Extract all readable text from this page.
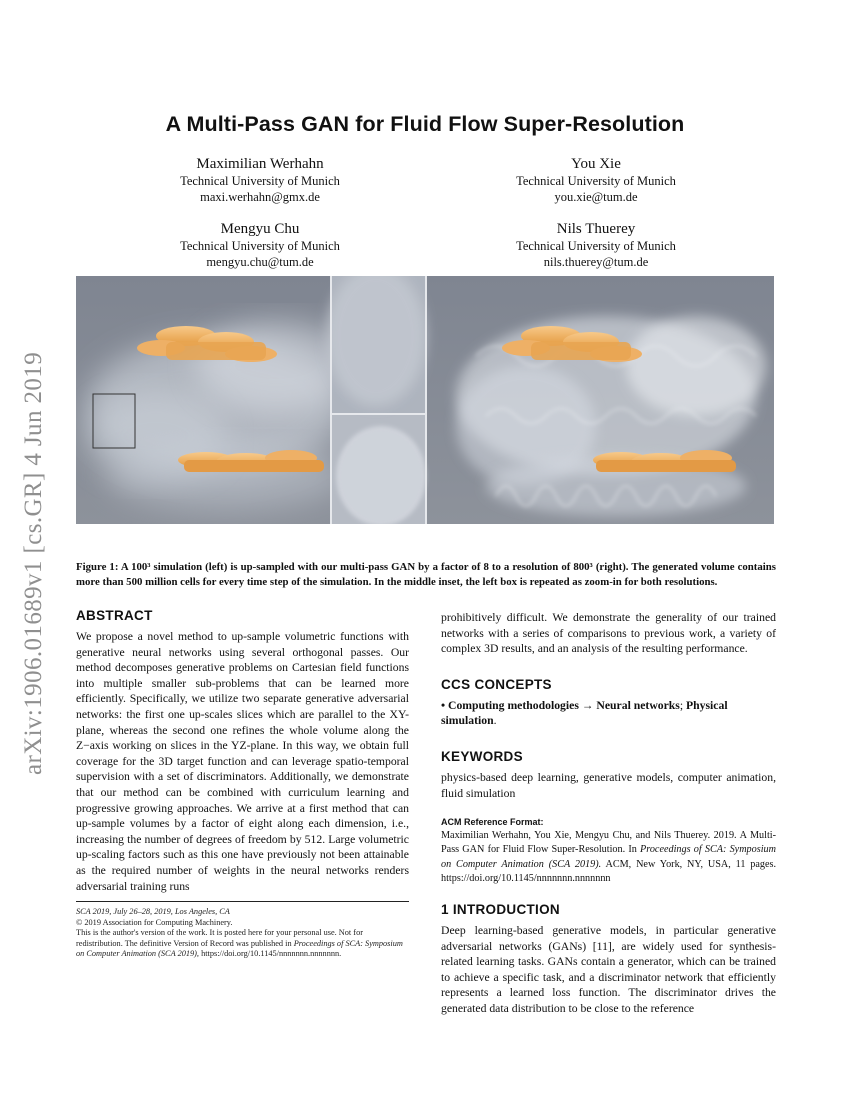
arXiv:1906.01689v1 [cs.GR] 4 Jun 2019
A Multi-Pass GAN for Fluid Flow Super-Resolution
Maximilian Werhahn
Technical University of Munich
maxi.werhahn@gmx.de
You Xie
Technical University of Munich
you.xie@tum.de
Mengyu Chu
Technical University of Munich
mengyu.chu@tum.de
Nils Thuerey
Technical University of Munich
nils.thuerey@tum.de
Figure 1: A 100³ simulation (left) is up-sampled with our multi-pass GAN by a factor of 8 to a resolution of 800³ (right). The generated volume contains more than 500 million cells for every time step of the simulation. In the middle inset, the left box is repeated as zoom-in for both resolutions.
ABSTRACT

We propose a novel method to up-sample volumetric functions with generative neural networks using several orthogonal passes. Our method decomposes generative problems on Cartesian field functions into multiple smaller sub-problems that can be learned more efficiently. Specifically, we utilize two separate generative adversarial networks: the first one up-scales slices which are parallel to the XY-plane, whereas the second one refines the whole volume along the Z−axis working on slices in the YZ-plane. In this way, we obtain full coverage for the 3D target function and can leverage spatio-temporal supervision with a set of discriminators. Additionally, we demonstrate that our method can be combined with curriculum learning and progressive growing approaches. We arrive at a first method that can up-sample volumes by a factor of eight along each dimension, i.e., increasing the number of degrees of freedom by 512. Large volumetric up-scaling factors such as this one have previously not been attainable as the required number of weights in the neural networks renders adversarial training runs

SCA 2019, July 26–28, 2019, Los Angeles, CA

© 2019 Association for Computing Machinery.

This is the author's version of the work. It is posted here for your personal use. Not for redistribution. The definitive Version of Record was published in Proceedings of SCA: Symposium on Computer Animation (SCA 2019), https://doi.org/10.1145/nnnnnnn.nnnnnnn.

prohibitively difficult. We demonstrate the generality of our trained networks with a series of comparisons to previous work, a variety of complex 3D results, and an analysis of the resulting performance.

CCS CONCEPTS

• Computing methodologies → Neural networks; Physical simulation.

KEYWORDS

physics-based deep learning, generative models, computer animation, fluid simulation

ACM Reference Format:

Maximilian Werhahn, You Xie, Mengyu Chu, and Nils Thuerey. 2019. A Multi-Pass GAN for Fluid Flow Super-Resolution. In Proceedings of SCA: Symposium on Computer Animation (SCA 2019). ACM, New York, NY, USA, 11 pages. https://doi.org/10.1145/nnnnnnn.nnnnnnn

1 INTRODUCTION

Deep learning-based generative models, in particular generative adversarial networks (GANs) [11], are widely used for synthesis-related learning tasks. GANs contain a generator, which can be trained to achieve a specific task, and a discriminator network that efficiently represents a learned loss function. The discriminator drives the generated data distribution to be close to the reference
